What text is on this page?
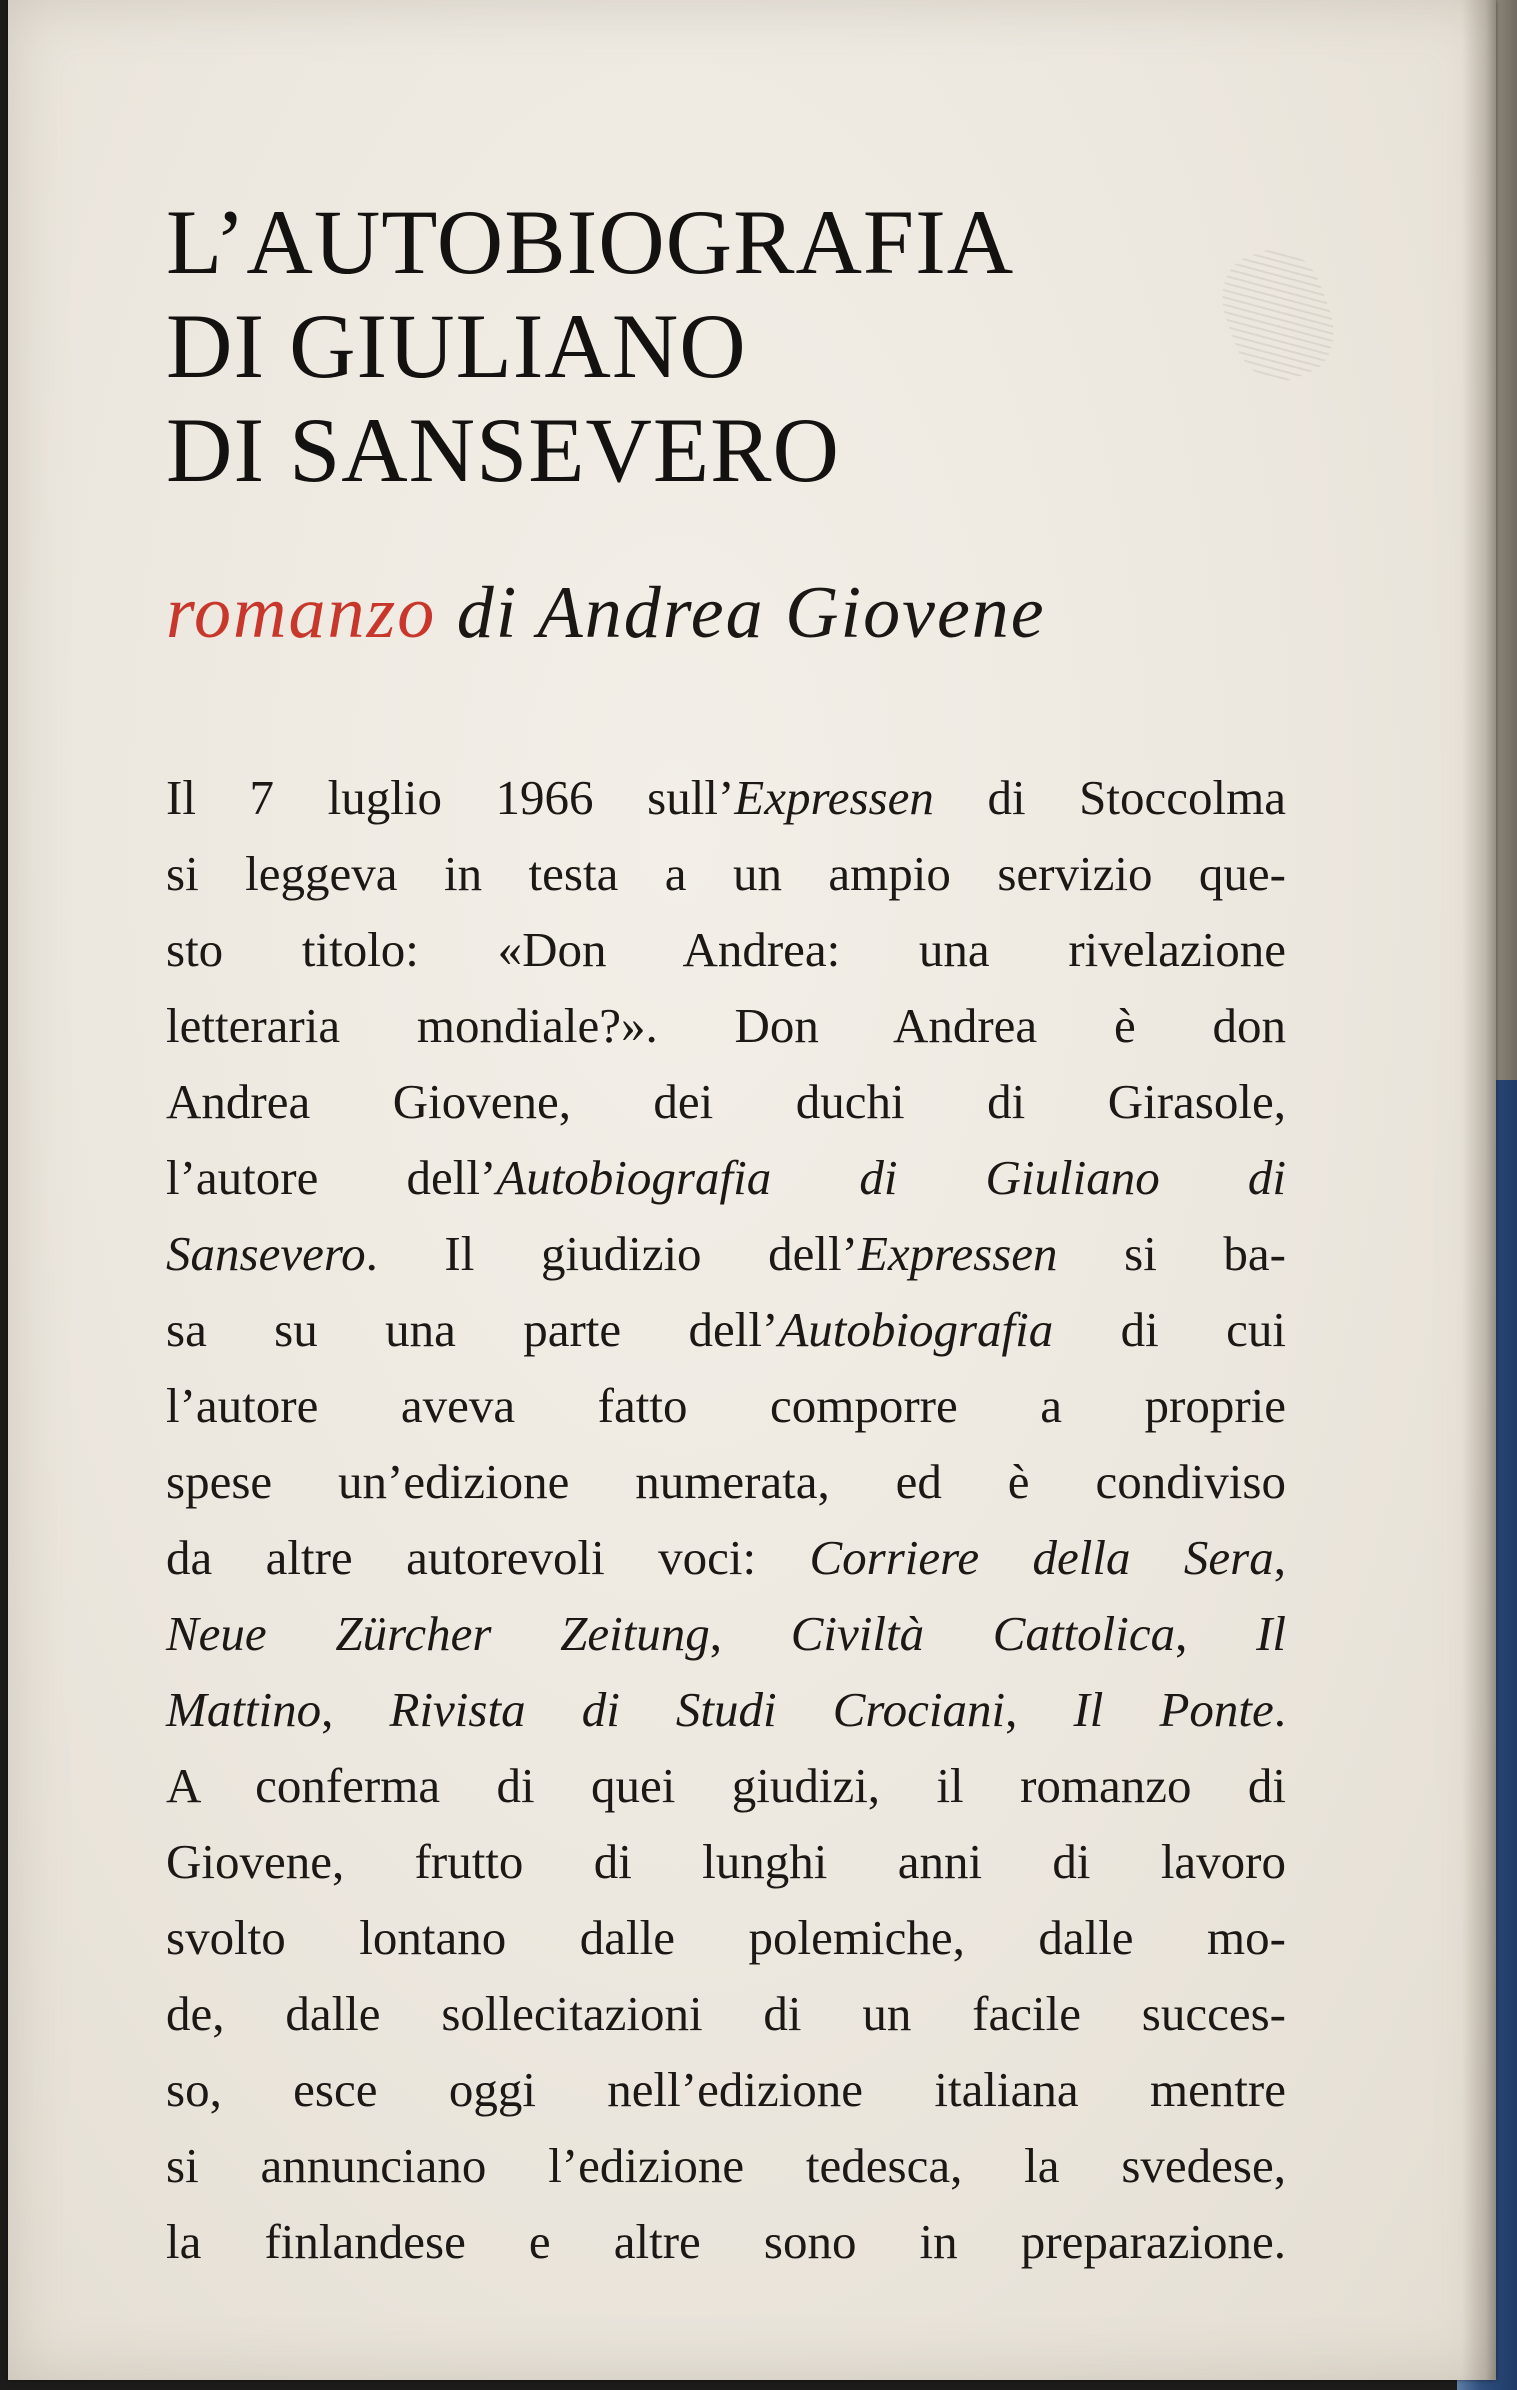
L’AUTOBIOGRAFIA
DI GIULIANO
DI SANSEVERO

romanzo di Andrea Giovene

Il 7 luglio 1966 sull’Expressen di Stoccolma
si leggeva in testa a un ampio servizio que-
sto titolo: «Don Andrea: una rivelazione
letteraria mondiale?». Don Andrea è don
Andrea Giovene, dei duchi di Girasole,
l’autore dell’Autobiografia di Giuliano di
Sansevero. Il giudizio dell’Expressen si ba-
sa su una parte dell’Autobiografia di cui
l’autore aveva fatto comporre a proprie
spese un’edizione numerata, ed è condiviso
da altre autorevoli voci: Corriere della Sera,
Neue Zürcher Zeitung, Civiltà Cattolica, Il
Mattino, Rivista di Studi Crociani, Il Ponte.
A conferma di quei giudizi, il romanzo di
Giovene, frutto di lunghi anni di lavoro
svolto lontano dalle polemiche, dalle mo-
de, dalle sollecitazioni di un facile succes-
so, esce oggi nell’edizione italiana mentre
si annunciano l’edizione tedesca, la svedese,
la finlandese e altre sono in preparazione.
